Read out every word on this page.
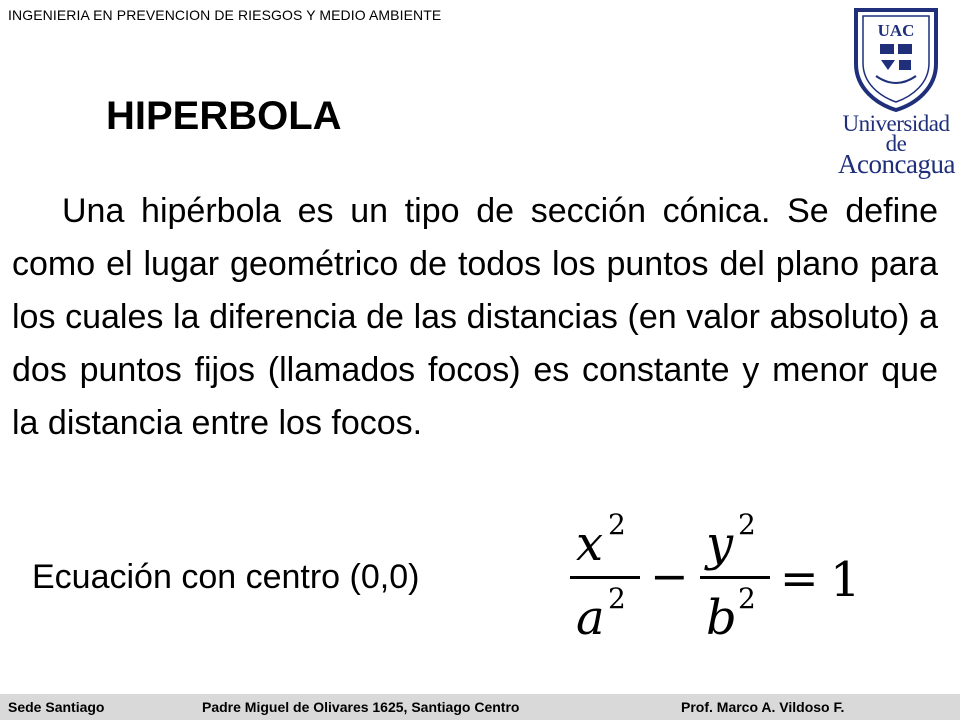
INGENIERIA EN PREVENCION DE RIESGOS Y MEDIO AMBIENTE
UAC
Universidad de
Aconcagua
HIPERBOLA
Una hipérbola es un tipo de sección cónica. Se define como el lugar geométrico de todos los puntos del plano para los cuales la diferencia de las distancias (en valor absoluto) a dos puntos fijos (llamados focos) es constante y menor que la distancia entre los focos.
Ecuación con centro (0,0)
x 2
a 2 −
y 2
b 2 = 1
Sede Santiago	Padre Miguel de Olivares 1625, Santiago Centro	Prof. Marco A. Vildoso F.
